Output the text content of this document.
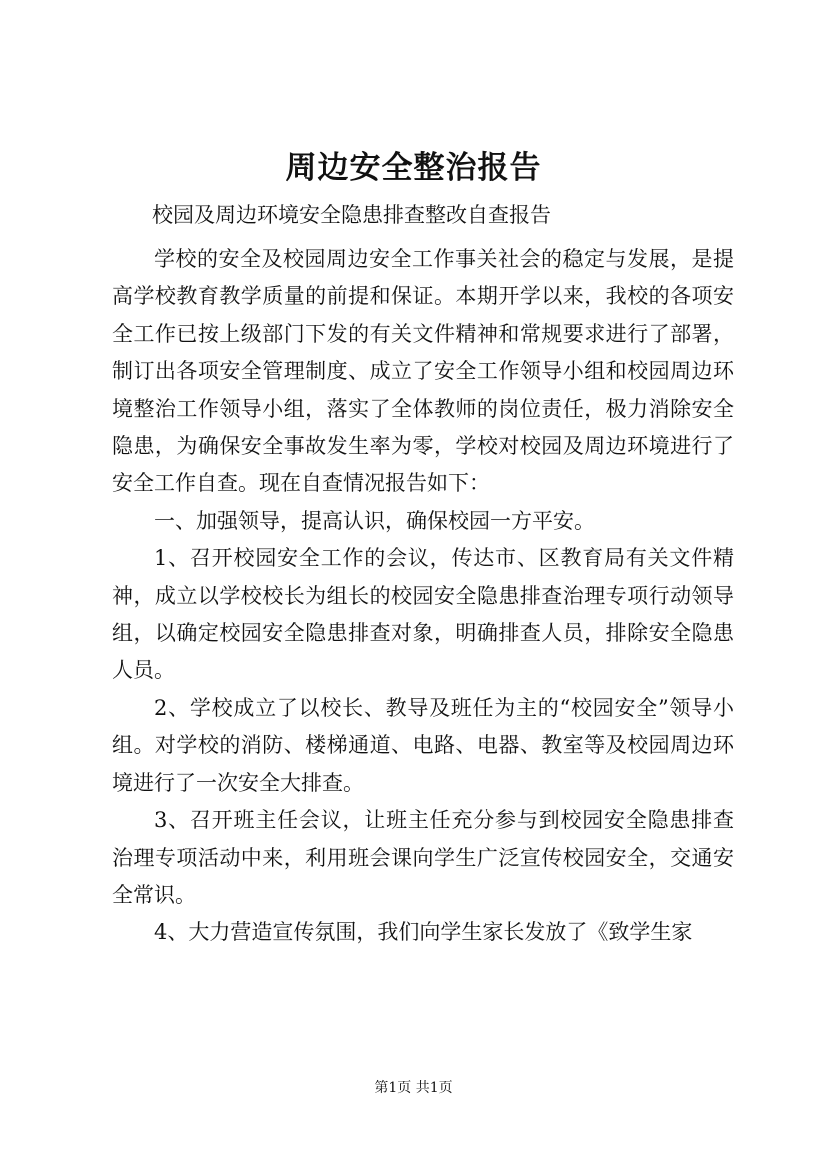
周边安全整治报告
校园及周边环境安全隐患排查整改自查报告

学校的安全及校园周边安全工作事关社会的稳定与发展，是提高学校教育教学质量的前提和保证。本期开学以来，我校的各项安全工作已按上级部门下发的有关文件精神和常规要求进行了部署，制订出各项安全管理制度、成立了安全工作领导小组和校园周边环境整治工作领导小组，落实了全体教师的岗位责任，极力消除安全隐患，为确保安全事故发生率为零，学校对校园及周边环境进行了安全工作自查。现在自查情况报告如下：

一、加强领导，提高认识，确保校园一方平安。

1、召开校园安全工作的会议，传达市、区教育局有关文件精神，成立以学校校长为组长的校园安全隐患排查治理专项行动领导组，以确定校园安全隐患排查对象，明确排查人员，排除安全隐患人员。

2、学校成立了以校长、教导及班任为主的“校园安全”领导小组。对学校的消防、楼梯通道、电路、电器、教室等及校园周边环境进行了一次安全大排查。

3、召开班主任会议，让班主任充分参与到校园安全隐患排查治理专项活动中来，利用班会课向学生广泛宣传校园安全，交通安全常识。

4、大力营造宣传氛围，我们向学生家长发放了《致学生家

第1页 共1页
